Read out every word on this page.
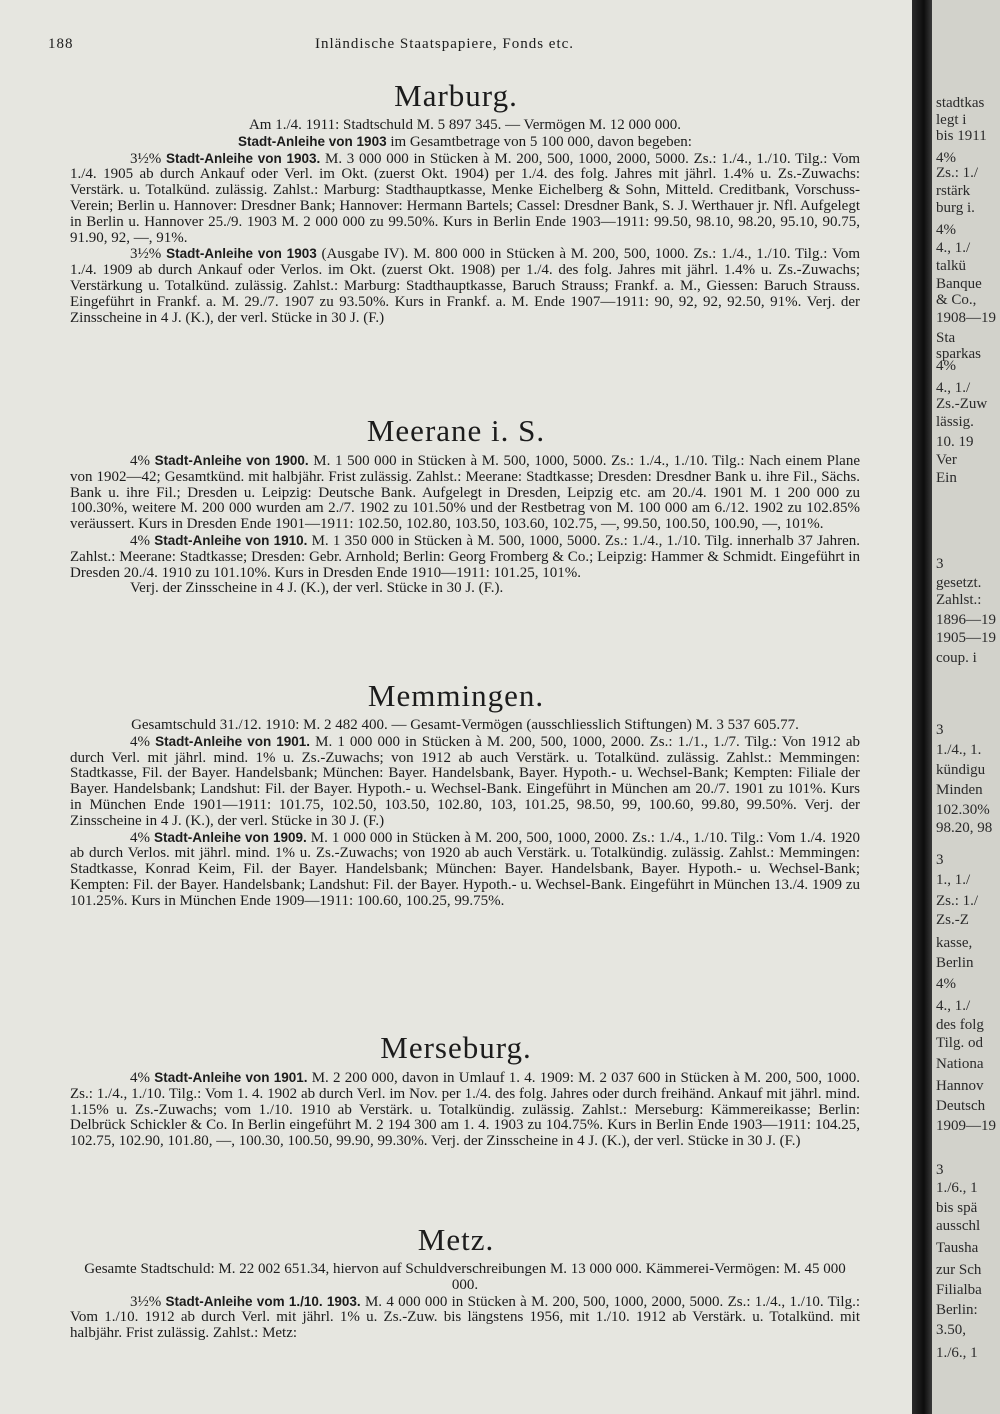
188	Inländische Staatspapiere, Fonds etc.
Marburg.

Am 1./4. 1911: Stadtschuld M. 5 897 345. — Vermögen M. 12 000 000.

Stadt-Anleihe von 1903 im Gesamtbetrage von 5 100 000, davon begeben:

3½% Stadt-Anleihe von 1903. M. 3 000 000 in Stücken à M. 200, 500, 1000, 2000, 5000. Zs.: 1./4., 1./10. Tilg.: Vom 1./4. 1905 ab durch Ankauf oder Verl. im Okt. (zuerst Okt. 1904) per 1./4. des folg. Jahres mit jährl. 1.4% u. Zs.-Zuwachs: Verstärk. u. Totalkünd. zulässig. Zahlst.: Marburg: Stadthauptkasse, Menke Eichelberg & Sohn, Mitteld. Creditbank, Vorschuss-Verein; Berlin u. Hannover: Dresdner Bank; Hannover: Hermann Bartels; Cassel: Dresdner Bank, S. J. Werthauer jr. Nfl. Aufgelegt in Berlin u. Hannover 25./9. 1903 M. 2 000 000 zu 99.50%. Kurs in Berlin Ende 1903—1911: 99.50, 98.10, 98.20, 95.10, 90.75, 91.90, 92, —, 91%.

3½% Stadt-Anleihe von 1903 (Ausgabe IV). M. 800 000 in Stücken à M. 200, 500, 1000. Zs.: 1./4., 1./10. Tilg.: Vom 1./4. 1909 ab durch Ankauf oder Verlos. im Okt. (zuerst Okt. 1908) per 1./4. des folg. Jahres mit jährl. 1.4% u. Zs.-Zuwachs; Verstärkung u. Totalkünd. zulässig. Zahlst.: Marburg: Stadthauptkasse, Baruch Strauss; Frankf. a. M., Giessen: Baruch Strauss. Eingeführt in Frankf. a. M. 29./7. 1907 zu 93.50%. Kurs in Frankf. a. M. Ende 1907—1911: 90, 92, 92, 92.50, 91%. Verj. der Zinsscheine in 4 J. (K.), der verl. Stücke in 30 J. (F.)

Meerane i. S.

4% Stadt-Anleihe von 1900. M. 1 500 000 in Stücken à M. 500, 1000, 5000. Zs.: 1./4., 1./10. Tilg.: Nach einem Plane von 1902—42; Gesamtkünd. mit halbjähr. Frist zulässig. Zahlst.: Meerane: Stadtkasse; Dresden: Dresdner Bank u. ihre Fil., Sächs. Bank u. ihre Fil.; Dresden u. Leipzig: Deutsche Bank. Aufgelegt in Dresden, Leipzig etc. am 20./4. 1901 M. 1 200 000 zu 100.30%, weitere M. 200 000 wurden am 2./7. 1902 zu 101.50% und der Restbetrag von M. 100 000 am 6./12. 1902 zu 102.85% veräussert. Kurs in Dresden Ende 1901—1911: 102.50, 102.80, 103.50, 103.60, 102.75, —, 99.50, 100.50, 100.90, —, 101%.

4% Stadt-Anleihe von 1910. M. 1 350 000 in Stücken à M. 500, 1000, 5000. Zs.: 1./4., 1./10. Tilg. innerhalb 37 Jahren. Zahlst.: Meerane: Stadtkasse; Dresden: Gebr. Arnhold; Berlin: Georg Fromberg & Co.; Leipzig: Hammer & Schmidt. Eingeführt in Dresden 20./4. 1910 zu 101.10%. Kurs in Dresden Ende 1910—1911: 101.25, 101%.

Verj. der Zinsscheine in 4 J. (K.), der verl. Stücke in 30 J. (F.).

Memmingen.

Gesamtschuld 31./12. 1910: M. 2 482 400. — Gesamt-Vermögen (ausschliesslich Stiftungen) M. 3 537 605.77.

4% Stadt-Anleihe von 1901. M. 1 000 000 in Stücken à M. 200, 500, 1000, 2000. Zs.: 1./1., 1./7. Tilg.: Von 1912 ab durch Verl. mit jährl. mind. 1% u. Zs.-Zuwachs; von 1912 ab auch Verstärk. u. Totalkünd. zulässig. Zahlst.: Memmingen: Stadtkasse, Fil. der Bayer. Handelsbank; München: Bayer. Handelsbank, Bayer. Hypoth.- u. Wechsel-Bank; Kempten: Filiale der Bayer. Handelsbank; Landshut: Fil. der Bayer. Hypoth.- u. Wechsel-Bank. Eingeführt in München am 20./7. 1901 zu 101%. Kurs in München Ende 1901—1911: 101.75, 102.50, 103.50, 102.80, 103, 101.25, 98.50, 99, 100.60, 99.80, 99.50%. Verj. der Zinsscheine in 4 J. (K.), der verl. Stücke in 30 J. (F.)

4% Stadt-Anleihe von 1909. M. 1 000 000 in Stücken à M. 200, 500, 1000, 2000. Zs.: 1./4., 1./10. Tilg.: Vom 1./4. 1920 ab durch Verlos. mit jährl. mind. 1% u. Zs.-Zuwachs; von 1920 ab auch Verstärk. u. Totalkündig. zulässig. Zahlst.: Memmingen: Stadtkasse, Konrad Keim, Fil. der Bayer. Handelsbank; München: Bayer. Handelsbank, Bayer. Hypoth.- u. Wechsel-Bank; Kempten: Fil. der Bayer. Handelsbank; Landshut: Fil. der Bayer. Hypoth.- u. Wechsel-Bank. Eingeführt in München 13./4. 1909 zu 101.25%. Kurs in München Ende 1909—1911: 100.60, 100.25, 99.75%.

Merseburg.

4% Stadt-Anleihe von 1901. M. 2 200 000, davon in Umlauf 1. 4. 1909: M. 2 037 600 in Stücken à M. 200, 500, 1000. Zs.: 1./4., 1./10. Tilg.: Vom 1. 4. 1902 ab durch Verl. im Nov. per 1./4. des folg. Jahres oder durch freihänd. Ankauf mit jährl. mind. 1.15% u. Zs.-Zuwachs; vom 1./10. 1910 ab Verstärk. u. Totalkündig. zulässig. Zahlst.: Merseburg: Kämmereikasse; Berlin: Delbrück Schickler & Co. In Berlin eingeführt M. 2 194 300 am 1. 4. 1903 zu 104.75%. Kurs in Berlin Ende 1903—1911: 104.25, 102.75, 102.90, 101.80, —, 100.30, 100.50, 99.90, 99.30%. Verj. der Zinsscheine in 4 J. (K.), der verl. Stücke in 30 J. (F.)

Metz.

Gesamte Stadtschuld: M. 22 002 651.34, hiervon auf Schuldverschreibungen M. 13 000 000. Kämmerei-Vermögen: M. 45 000 000.

3½% Stadt-Anleihe vom 1./10. 1903. M. 4 000 000 in Stücken à M. 200, 500, 1000, 2000, 5000. Zs.: 1./4., 1./10. Tilg.: Vom 1./10. 1912 ab durch Verl. mit jährl. 1% u. Zs.-Zuw. bis längstens 1956, mit 1./10. 1912 ab Verstärk. u. Totalkünd. mit halbjähr. Frist zulässig. Zahlst.: Metz:

stadtkas
legt i
bis 1911
4%
Zs.: 1./
rstärk
burg i.
4%
4., 1./
talkü
Banque
& Co.,
1908—19
Sta
sparkas
4%
4., 1./
Zs.-Zuw
lässig.
10. 19
Ver
Ein
3
gesetzt.
Zahlst.:
1896—19
1905—19
coup. i
3
1./4., 1.
kündigu
Minden
102.30%
98.20, 98
3
1., 1./
Zs.: 1./
Zs.-Z
kasse,
Berlin
4%
4., 1./
des folg
Tilg. od
Nationa
Hannov
Deutsch
1909—19
3
1./6., 1
bis spä
ausschl
Tausha
zur Sch
Filialba
Berlin:
3.50,
1./6., 1
